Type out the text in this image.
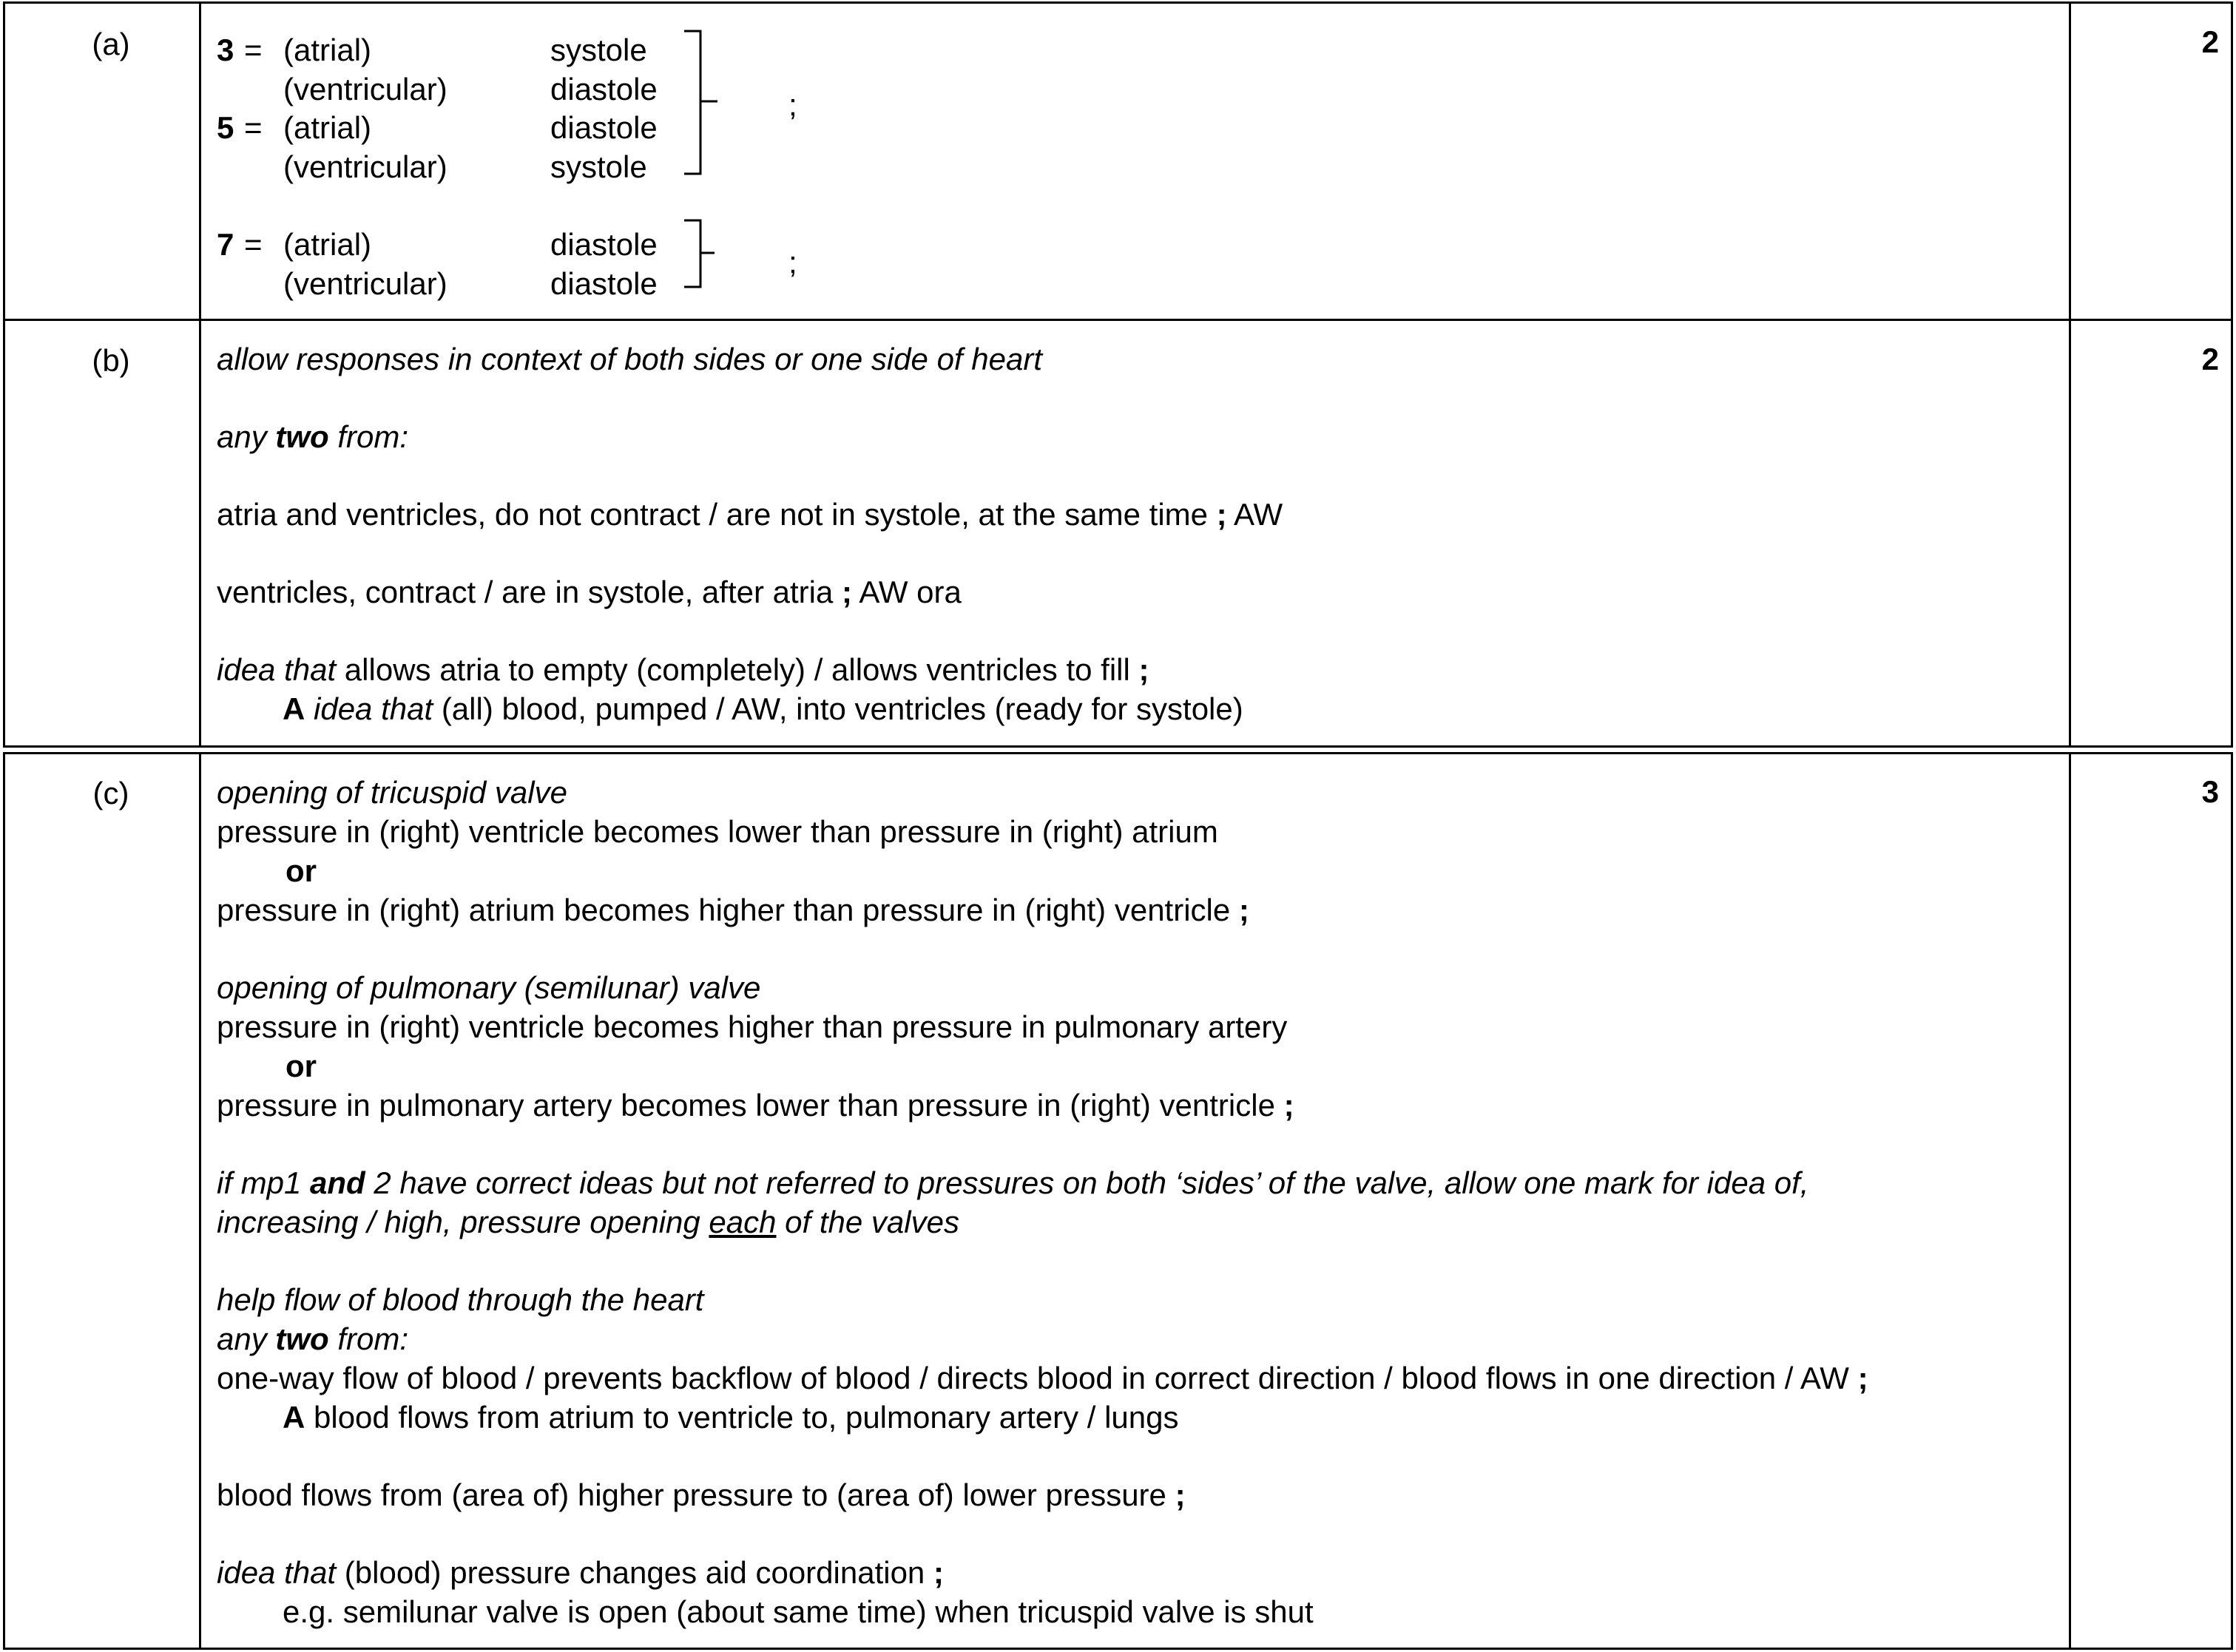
(a)	2
3 = (atrial)	systole
(ventricular)	diastole
5 = (atrial)	diastole
(ventricular)	systole
;
7 = (atrial)	diastole
(ventricular)	diastole
;
(b)	2
allow responses in context of both sides or one side of heart
any two from:
atria and ventricles, do not contract / are not in systole, at the same time ; AW
ventricles, contract / are in systole, after atria ; AW ora
idea that allows atria to empty (completely) / allows ventricles to fill ;
A idea that (all) blood, pumped / AW, into ventricles (ready for systole)
(c)	3
opening of tricuspid valve
pressure in (right) ventricle becomes lower than pressure in (right) atrium
or
pressure in (right) atrium becomes higher than pressure in (right) ventricle ;
opening of pulmonary (semilunar) valve
pressure in (right) ventricle becomes higher than pressure in pulmonary artery
or
pressure in pulmonary artery becomes lower than pressure in (right) ventricle ;
if mp1 and 2 have correct ideas but not referred to pressures on both ‘sides’ of the valve, allow one mark for idea of,
increasing / high, pressure opening each of the valves
help flow of blood through the heart
any two from:
one-way flow of blood / prevents backflow of blood / directs blood in correct direction / blood flows in one direction / AW ;
A blood flows from atrium to ventricle to, pulmonary artery / lungs
blood flows from (area of) higher pressure to (area of) lower pressure ;
idea that (blood) pressure changes aid coordination ;
e.g. semilunar valve is open (about same time) when tricuspid valve is shut
